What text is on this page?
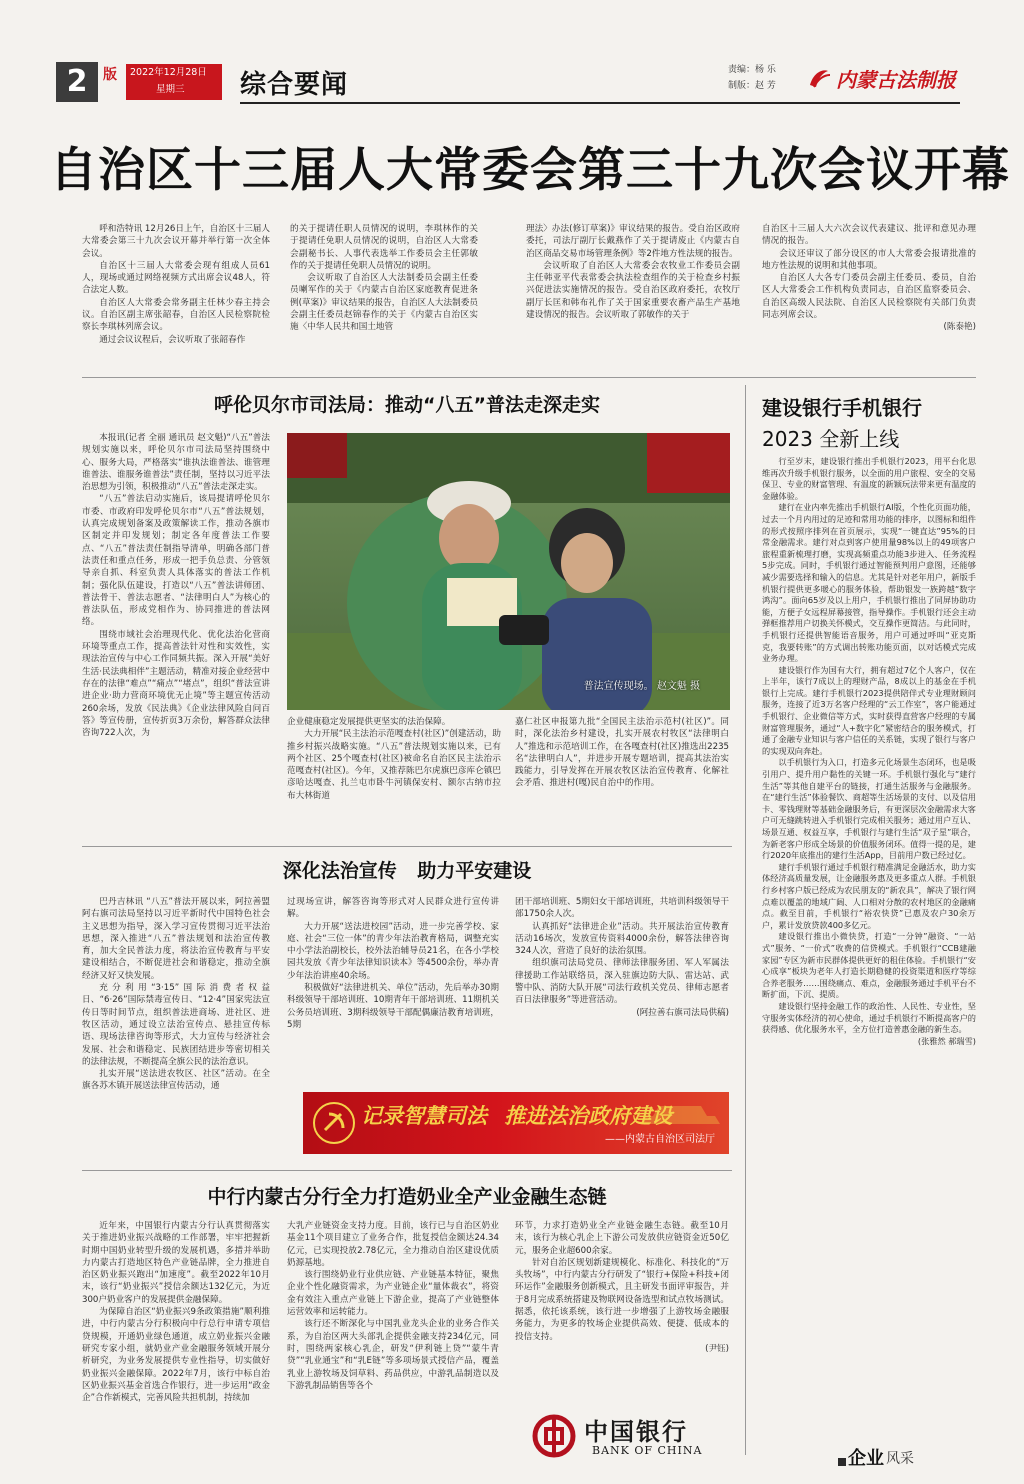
2	版 2022年12月28日
星期三	综合要闻	责编：杨 乐
制版：赵 芳	内蒙古法制报
自治区十三届人大常委会第三十九次会议开幕

呼和浩特讯 12月26日上午，自治区十三届人大常委会第三十九次会议开幕并举行第一次全体会议。

自治区十三届人大常委会现有组成人员61人，现场或通过网络视频方式出席会议48人，符合法定人数。

自治区人大常委会常务副主任林少春主持会议。自治区副主席张韶春，自治区人民检察院检察长李琪林列席会议。

通过会议议程后，会议听取了张韶春作

的关于提请任职人员情况的说明，李琪林作的关于提请任免职人员情况的说明，自治区人大常委会副秘书长、人事代表选举工作委员会主任郭敏作的关于提请任免职人员情况的说明。

会议听取了自治区人大法制委员会副主任委员喇军作的关于《内蒙古自治区家庭教育促进条例(草案)》审议结果的报告，自治区人大法制委员会副主任委员赵锦春作的关于《内蒙古自治区实施〈中华人民共和国土地管

理法〉办法(修订草案)》审议结果的报告。受自治区政府委托，司法厅副厅长戴燕作了关于提请废止《内蒙古自治区商品交易市场管理条例》等2件地方性法规的报告。

会议听取了自治区人大常委会农牧业工作委员会副主任韩亚平代表常委会执法检查组作的关于检查乡村振兴促进法实施情况的报告。受自治区政府委托，农牧厅副厅长匡和韩布礼作了关于国家重要农畜产品生产基地建设情况的报告。会议听取了郭敏作的关于

自治区十三届人大六次会议代表建议、批评和意见办理情况的报告。

会议还审议了部分设区的市人大常委会报请批准的地方性法规的说明和其他事项。

自治区人大各专门委员会副主任委员、委员，自治区人大常委会工作机构负责同志，自治区监察委员会、自治区高级人民法院、自治区人民检察院有关部门负责同志列席会议。

(陈泰艳)
呼伦贝尔市司法局：推动“八五”普法走深走实

本报讯(记者 全丽 通讯员 赵文魁)“八五”普法规划实施以来，呼伦贝尔市司法局坚持围绕中心、服务大局，严格落实“谁执法谁普法、谁管理谁普法、谁服务谁普法”责任制，坚持以习近平法治思想为引领，积极推动“八五”普法走深走实。

“八五”普法启动实施后，该局提请呼伦贝尔市委、市政府印发呼伦贝尔市“八五”普法规划，认真完成规划备案及政策解读工作，推动各旗市区制定并印发规划；制定各年度普法工作要点、“八五”普法责任制指导清单，明确各部门普法责任和重点任务，形成一把手负总责、分管领导亲自抓、科室负责人具体落实的普法工作机制；强化队伍建设，打造以“八五”普法讲师团、普法骨干、普法志愿者、“法律明白人”为核心的普法队伍，形成党相作为、协同推进的普法网络。

围绕市域社会治理现代化、优化法治化营商环境等重点工作，提高普法针对性和实效性，实现法治宣传与中心工作同频共振。深入开展“美好生活·民法典相伴”主题活动，精准对接企业经营中存在的法律“难点”“痛点”“堵点”，组织“普法宣讲进企业·助力营商环境优无止境”等主题宣传活动260余场，发放《民法典》《企业法律风险自问百答》等宣传册，宣传折页3万余份，解答群众法律咨询722人次，为

普法宣传现场。 赵文魁 摄

企业健康稳定发展提供更坚实的法治保障。

大力开展“民主法治示范嘎查村(社区)”创建活动，助推乡村振兴战略实施。“八五”普法规划实施以来，已有两个社区、25个嘎查村(社区)被命名自治区民主法治示范嘎查村(社区)。今年，又推荐陈巴尔虎旗巴彦库仑镇巴彦哈达嘎查、扎兰屯市卧牛河镇保安村、额尔古纳市拉布大林街道

嘉仁社区申报第九批“全国民主法治示范村(社区)”。同时，深化法治乡村建设，扎实开展农村牧区“法律明白人”推选和示范培训工作，在各嘎查村(社区)推选出2235名“法律明白人”，并进步开展专题培训，提高其法治实践能力，引导发挥在开展农牧区法治宣传教育、化解社会矛盾、推进村(嘎)民自治中的作用。

深化法治宣传 助力平安建设

巴丹吉林讯 “八五”普法开展以来，阿拉善盟阿右旗司法局坚持以习近平新时代中国特色社会主义思想为指导，深入学习宣传贯彻习近平法治思想，深入推进“八五”普法规划和法治宣传教育，加大全民普法力度，将法治宣传教育与平安建设相结合，不断促进社会和谐稳定，推动全旗经济又好又快发展。

充分利用“3·15”国际消费者权益日、“6·26”国际禁毒宣传日、“12·4”国家宪法宣传日等时间节点，组织普法进商场、进社区、进牧区活动，通过设立法治宣传点、悬挂宣传标语、现场法律咨询等形式，大力宣传与经济社会发展、社会和谐稳定、民族团结进步等密切相关的法律法规，不断提高全旗公民的法治意识。

扎实开展“送法进农牧区、社区”活动。在全旗各苏木镇开展送法律宣传活动，通

过现场宣讲，解答咨询等形式对人民群众进行宣传讲解。

大力开展“送法进校园”活动，进一步完善学校、家庭、社会“三位一体”的青少年法治教育格局，调整充实中小学法治副校长，校外法治辅导员21名，在各小学校园共发放《青少年法律知识读本》等4500余份，举办青少年法治讲座40余场。

积极做好“法律进机关、单位”活动，先后举办30期科级领导干部培训班、10期青年干部培训班、11期机关公务员培训班、3期科级领导干部配偶廉洁教育培训班，5期

团干部培训班、5期妇女干部培训班，共培训科级领导干部1750余人次。

认真抓好“法律进企业”活动。共开展法治宣传教育活动16场次，发放宣传资料4000余份，解答法律咨询324人次，营造了良好的法治氛围。

组织旗司法局党员、律师法律服务团、军人军属法律援助工作站联络员，深入驻旗边防大队、雷达站、武警中队、消防大队开展“司法行政机关党员、律师志愿者百日法律服务”等进营活动。

(阿拉善右旗司法局供稿)
记录智慧司法 推进法治政府建设
——内蒙古自治区司法厅
中行内蒙古分行全力打造奶业全产业金融生态链

近年来，中国银行内蒙古分行认真贯彻落实关于推进奶业振兴战略的工作部署，牢牢把握新时期中国奶业转型升级的发展机遇，多措并举助力内蒙古打造地区特色产业链品牌，全力推进自治区奶业振兴跑出“加速度”。截至2022年10月末，该行“奶业振兴”授信余额达132亿元，为近300户奶业客户的发展提供金融保障。

为保障自治区“奶业振兴9条政策措施”顺利推进，中行内蒙古分行积极向中行总行申请专项信贷规模，开通奶业绿色通道，成立奶业振兴金融研究专家小组，就奶业产业金融服务领域开展分析研究，为业务发展提供专业性指导，切实做好奶业振兴金融保障。2022年7月，该行中标自治区奶业振兴基金首选合作银行，进一步运用“政金企”合作新模式，完善风险共担机制，持续加

大乳产业链资金支持力度。目前，该行已与自治区奶业基金11个项目建立了业务合作，批复授信金额达24.34亿元，已实现投放2.78亿元，全力推动自治区建设优质奶源基地。

该行围绕奶业行业供应链、产业链基本特征，聚焦企业个性化融资需求，为产业链企业“量体裁衣”，将资金有效注入重点产业链上下游企业，提高了产业链整体运营效率和运转能力。

该行还不断深化与中国乳业龙头企业的业务合作关系，为自治区两大头部乳企提供金融支持234亿元，同时，围绕两家核心乳企，研发“伊利链上贷”“蒙牛青贷”“乳业通宝”和“乳E链”等多项场景式授信产品，覆盖乳业上游牧场及饲草料、药品供应，中游乳品制造以及下游乳制品销售等各个

环节，力求打造奶业全产业链金融生态链。截至10月末，该行为核心乳企上下游公司发放供应链资金近50亿元，服务企业超600余家。

针对自治区规划新建规模化、标准化、科技化的“万头牧场”，中行内蒙古分行研发了“银行+保险+科技+闭环运作”金融服务创新模式，且主研发书面评审报告，并于8月完成系统搭建及物联网设备选型和试点牧场测试。据悉，依托该系统，该行进一步增强了上游牧场金融服务能力，为更多的牧场企业提供高效、便捷、低成本的投信支持。

(尹钰)
中国银行
BANK OF CHINA
建设银行手机银行
2023 全新上线

行至岁末，建设银行推出手机银行2023，用平台化思维再次升级手机银行服务，以全面的用户旅程、安全的交易保卫、专业的财富管理、有温度的新颖玩法带来更有温度的金融体验。

建行在业内率先推出手机银行AI版，个性化页面功能，过去一个月内用过的足迹和常用功能的排序，以图标和组件的形式按照序排列在首页展示，实现“一键直达”95%的日常金融需求。建行对点到客户使用量98%以上的49项客户旅程重新梳理打磨，实现高频重点功能3步进入、任务流程5步完成。同时，手机银行通过智能预判用户意图，还能够减少需要选择和输入的信息。尤其是针对老年用户，新版手机银行提供更多暖心的服务体验，帮助银发一族跨越“数字鸿沟”。面向65岁及以上用户，手机银行推出了同屏协助功能，方便子女远程屏幕接管，指导操作。手机银行还会主动弹框推荐用户切换关怀模式，交互操作更简洁。与此同时，手机银行还提供智能语音服务，用户可通过呼叫“亚克斯克，我要转账”的方式调出转账功能页面，以对话模式完成业务办理。

建设银行作为国有大行，拥有超过7亿个人客户，仅在上半年，该行7成以上的理财产品，8成以上的基金在手机银行上完成。建行手机银行2023提供陪伴式专业理财顾问服务，连接了近3万名客户经理的“云工作室”，客户能通过手机银行、企业微信等方式，实时获得直营客户经理的专属财富管理服务，通过“人+数字化”紧密结合的服务模式，打通了金融专业知识与客户信任的关系链，实现了银行与客户的实现双向奔赴。

以手机银行为入口，打造多元化场景生态闭环，也是吸引用户、提升用户黏性的关键一环。手机银行强化与“建行生活”等其他自建平台的链接，打通生活服务与金融服务。在“建行生活”体验餐饮、商超等生活场景的支付、以及信用卡、零钱理财等基础金融服务后，有更深层次金融需求大客户可无缝跳转进入手机银行完成相关服务；通过用户互认、场景互通、权益互享，手机银行与建行生活“双子星”联合，为新老客户形成全场景的价值服务闭环。值得一提的是，建行2020年底推出的建行生活App，目前用户数已经过亿。

建行手机银行通过手机银行精准满足金融活水，助力实体经济高质量发展，让金融服务惠及更多重点人群。手机银行乡村客户版已经成为农民朋友的“新农具”，解决了银行网点难以覆盖的地域广阔、人口相对分散的农村地区的金融痛点。截至目前，手机银行“裕农快贷”已惠及农户30余万户，累计发放贷款400多亿元。

建设银行推出小微快贷，打造“一分钟”融资、“一站式”服务、“一价式”收费的信贷模式。手机银行“CCB建融家园”专区为新市民群体提供更好的租住体验。手机银行“安心成享”板块为老年人打造长期稳健的投资渠道和医疗等综合养老服务……围绕痛点、难点，金融服务通过手机平台不断扩面，下沉、提质。

建设银行坚持金融工作的政治性、人民性、专业性，坚守服务实体经济的初心使命，通过手机银行不断提高客户的获得感、优化服务水平，全方位打造普惠金融的新生态。

(张雅然 郝瑞雪)
企业 风采
